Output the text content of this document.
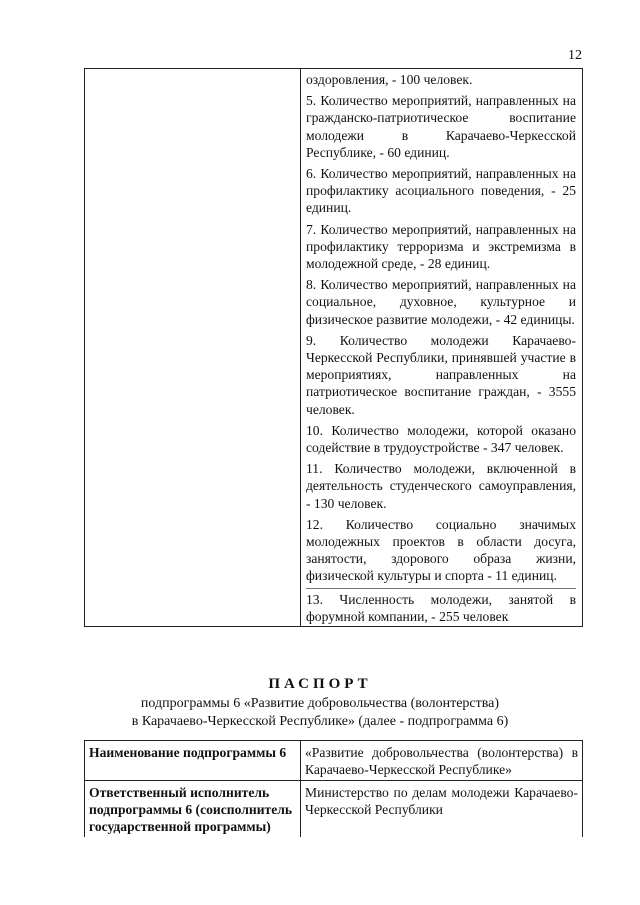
12

оздоровления, - 100 человек.
5. Количество мероприятий, направленных на гражданско-патриотическое воспитание молодежи в Карачаево-Черкесской Республике, - 60 единиц.
6. Количество мероприятий, направленных на профилактику асоциального поведения, - 25 единиц.
7. Количество мероприятий, направленных на профилактику терроризма и экстремизма в молодежной среде, - 28 единиц.
8. Количество мероприятий, направленных на социальное, духовное, культурное и физическое развитие молодежи, - 42 единицы.
9. Количество молодежи Карачаево-Черкесской Республики, принявшей участие в мероприятиях, направленных на патриотическое воспитание граждан, - 3555 человек.
10. Количество молодежи, которой оказано содействие в трудоустройстве - 347 человек.
11. Количество молодежи, включенной в деятельность студенческого самоуправления, - 130 человек.
12. Количество социально значимых молодежных проектов в области досуга, занятости, здорового образа жизни, физической культуры и спорта - 11 единиц.
13. Численность молодежи, занятой в форумной компании, - 255 человек
ПАСПОРТ
подпрограммы 6 «Развитие добровольчества (волонтерства)
в Карачаево-Черкесской Республике» (далее - подпрограмма 6)
Наименование подпрограммы 6	«Развитие добровольчества (волонтерства) в Карачаево-Черкесской Республике»
Ответственный исполнитель подпрограммы 6 (соисполнитель государственной программы)	Министерство по делам молодежи Карачаево-Черкесской Республики
